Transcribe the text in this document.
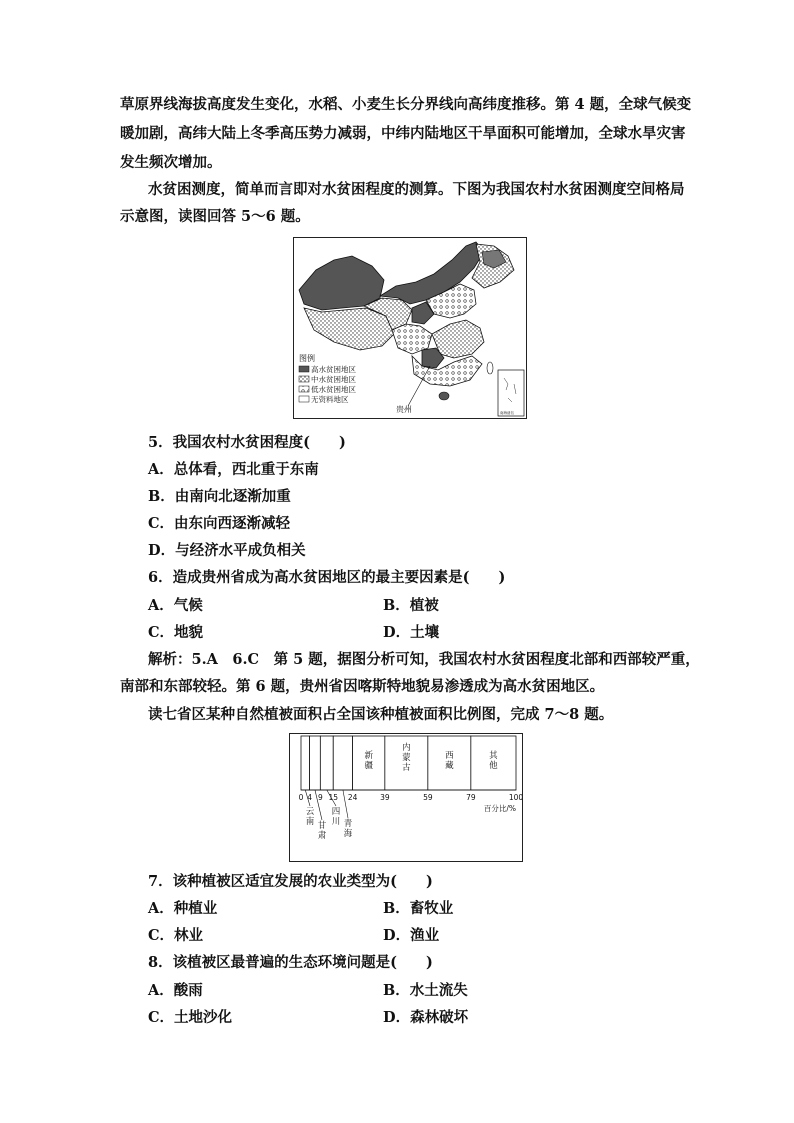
草原界线海拔高度发生变化，水稻、小麦生长分界线向高纬度推移。第 4 题，全球气候变
暖加剧，高纬大陆上冬季高压势力减弱，中纬内陆地区干旱面积可能增加，全球水旱灾害
发生频次增加。
水贫困测度，简单而言即对水贫困程度的测算。下图为我国农村水贫困测度空间格局
示意图，读图回答 5～6 题。
图例
高水贫困地区
中水贫困地区
低水贫困地区
无资料地区
贵州	南海诸岛
5．我国农村水贫困程度(　　)
A．总体看，西北重于东南
B．由南向北逐渐加重
C．由东向西逐渐减轻
D．与经济水平成负相关
6．造成贵州省成为高水贫困地区的最主要因素是(　　)
A．气候	B．植被
C．地貌	D．土壤
解析：5.A　6.C　第 5 题，据图分析可知，我国农村水贫困程度北部和西部较严重，
南部和东部较轻。第 6 题，贵州省因喀斯特地貌易渗透成为高水贫困地区。
读七省区某种自然植被面积占全国该种植被面积比例图，完成 7～8 题。
0 4 9 15 24	39	59	79	100
百分比/%
新疆
内蒙古
西藏
其他
云南 甘肃
四川 青海
7．该种植被区适宜发展的农业类型为(　　)
A．种植业	B．畜牧业
C．林业	D．渔业
8．该植被区最普遍的生态环境问题是(　　)
A．酸雨	B．水土流失
C．土地沙化	D．森林破坏
